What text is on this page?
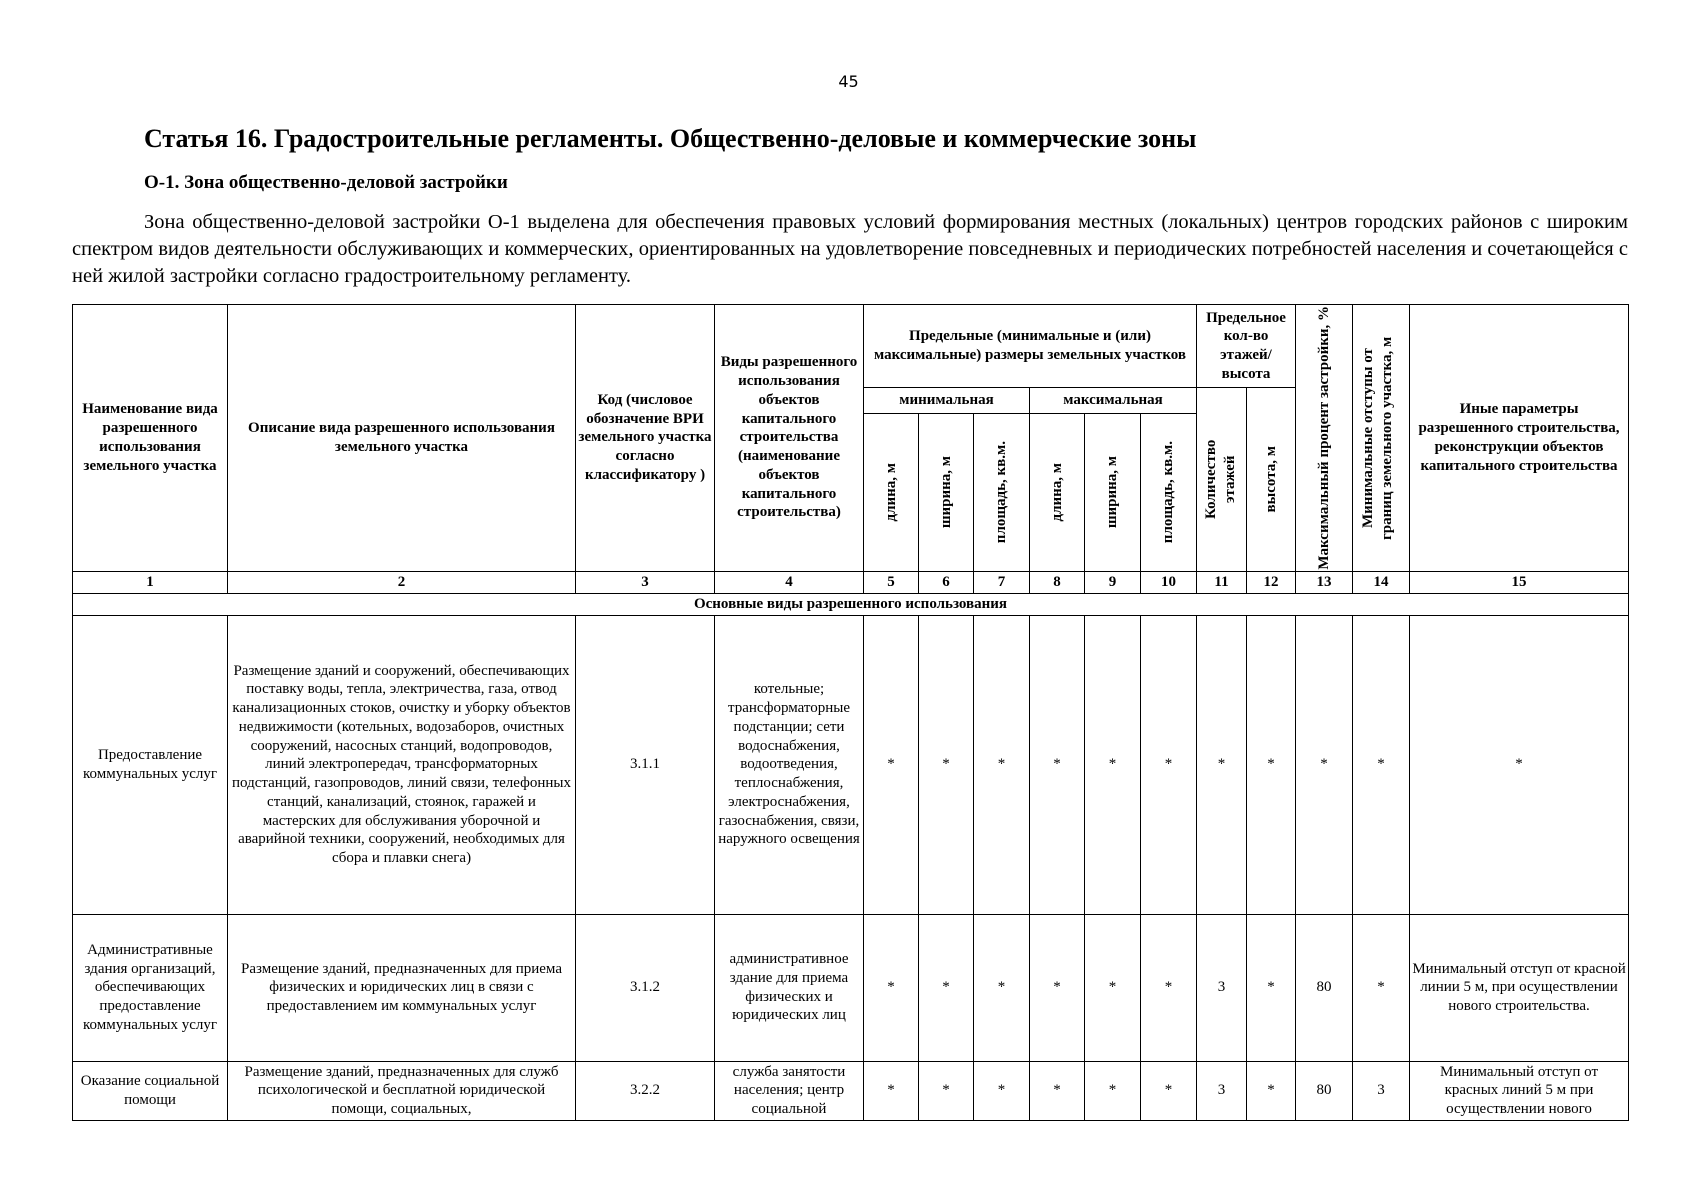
45
Статья 16. Градостроительные регламенты. Общественно-деловые и коммерческие зоны
О-1. Зона общественно-деловой застройки

Зона общественно-деловой застройки О-1 выделена для обеспечения правовых условий формирования местных (локальных) центров городских районов с широким спектром видов деятельности обслуживающих и коммерческих, ориентированных на удовлетворение повседневных и периодических потребностей населения и сочетающейся с ней жилой застройки согласно градостроительному регламенту.

Наименование вида разрешенного использования земельного участка	Описание вида разрешенного использования земельного участка	Код (числовое обозначение ВРИ земельного участка согласно классификатору )	Виды разрешенного использования объектов капитального строительства (наименование объектов капитального строительства)	Предельные (минимальные и (или) максимальные) размеры земельных участков						Предельное кол-во этажей/ высота		Максимальный процент застройки, %	Минимальные отступы от границ земельного участка, м	Иные параметры разрешенного строительства, реконструкции объектов капитального строительства
				минимальная			максимальная			Количество этажей	высота, м			

				длина, м	ширина, м	площадь, кв.м.	длина, м	ширина, м	площадь, кв.м.					

1	2	3	4	5	6	7	8	9	10	11	12	13	14	15
Основные виды разрешенного использования														
Предоставление коммунальных услуг	Размещение зданий и сооружений, обеспечивающих поставку воды, тепла, электричества, газа, отвод канализационных стоков, очистку и уборку объектов недвижимости (котельных, водозаборов, очистных сооружений, насосных станций, водопроводов, линий электропередач, трансформаторных подстанций, газопроводов, линий связи, телефонных станций, канализаций, стоянок, гаражей и мастерских для обслуживания уборочной и аварийной техники, сооружений, необходимых для сбора и плавки снега)	3.1.1	котельные; трансформаторные подстанции; сети водоснабжения, водоотведения, теплоснабжения, электроснабжения, газоснабжения, связи, наружного освещения	*	*	*	*	*	*	*	*	*	*	*
Административные здания организаций, обеспечивающих предоставление коммунальных услуг	Размещение зданий, предназначенных для приема физических и юридических лиц в связи с предоставлением им коммунальных услуг	3.1.2	административное здание для приема физических и юридических лиц	*	*	*	*	*	*	3	*	80	*	Минимальный отступ от красной линии 5 м, при осуществлении нового строительства.
Оказание социальной помощи	Размещение зданий, предназначенных для служб психологической и бесплатной юридической помощи, социальных,	3.2.2	служба занятости населения; центр социальной	*	*	*	*	*	*	3	*	80	3	Минимальный отступ от красных линий 5 м при осуществлении нового
